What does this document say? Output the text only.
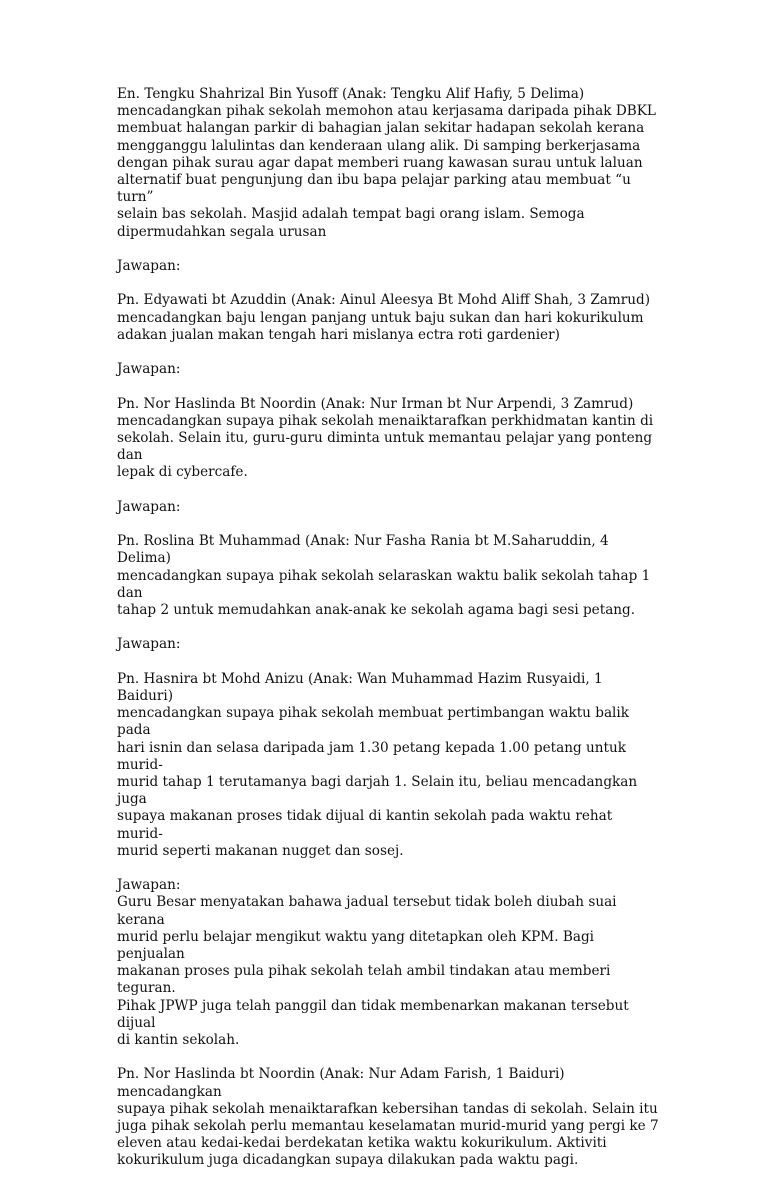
En. Tengku Shahrizal Bin Yusoff (Anak: Tengku Alif Hafiy, 5 Delima)
mencadangkan pihak sekolah memohon atau kerjasama daripada pihak DBKL
membuat halangan parkir di bahagian jalan sekitar hadapan sekolah kerana
mengganggu lalulintas dan kenderaan ulang alik. Di samping berkerjasama
dengan pihak surau agar dapat memberi ruang kawasan surau untuk laluan
alternatif buat pengunjung dan ibu bapa pelajar parking atau membuat “u turn”
selain bas sekolah. Masjid adalah tempat bagi orang islam. Semoga
dipermudahkan segala urusan

Jawapan:

Pn. Edyawati bt Azuddin (Anak: Ainul Aleesya Bt Mohd Aliff Shah, 3 Zamrud)
mencadangkan baju lengan panjang untuk baju sukan dan hari kokurikulum
adakan jualan makan tengah hari mislanya ectra roti gardenier)

Jawapan:

Pn. Nor Haslinda Bt Noordin (Anak: Nur Irman bt Nur Arpendi, 3 Zamrud)
mencadangkan supaya pihak sekolah menaiktarafkan perkhidmatan kantin di
sekolah. Selain itu, guru-guru diminta untuk memantau pelajar yang ponteng dan
lepak di cybercafe.

Jawapan:

Pn. Roslina Bt Muhammad (Anak: Nur Fasha Rania bt M.Saharuddin, 4 Delima)
mencadangkan supaya pihak sekolah selaraskan waktu balik sekolah tahap 1 dan
tahap 2 untuk memudahkan anak-anak ke sekolah agama bagi sesi petang.

Jawapan:

Pn. Hasnira bt Mohd Anizu (Anak: Wan Muhammad Hazim Rusyaidi, 1 Baiduri)
mencadangkan supaya pihak sekolah membuat pertimbangan waktu balik pada
hari isnin dan selasa daripada jam 1.30 petang kepada 1.00 petang untuk murid-
murid tahap 1 terutamanya bagi darjah 1. Selain itu, beliau mencadangkan juga
supaya makanan proses tidak dijual di kantin sekolah pada waktu rehat murid-
murid seperti makanan nugget dan sosej.

Jawapan:
Guru Besar menyatakan bahawa jadual tersebut tidak boleh diubah suai kerana
murid perlu belajar mengikut waktu yang ditetapkan oleh KPM. Bagi penjualan
makanan proses pula pihak sekolah telah ambil tindakan atau memberi teguran.
Pihak JPWP juga telah panggil dan tidak membenarkan makanan tersebut dijual
di kantin sekolah.

Pn. Nor Haslinda bt Noordin (Anak: Nur Adam Farish, 1 Baiduri) mencadangkan
supaya pihak sekolah menaiktarafkan kebersihan tandas di sekolah. Selain itu
juga pihak sekolah perlu memantau keselamatan murid-murid yang pergi ke 7
eleven atau kedai-kedai berdekatan ketika waktu kokurikulum. Aktiviti
kokurikulum juga dicadangkan supaya dilakukan pada waktu pagi.
